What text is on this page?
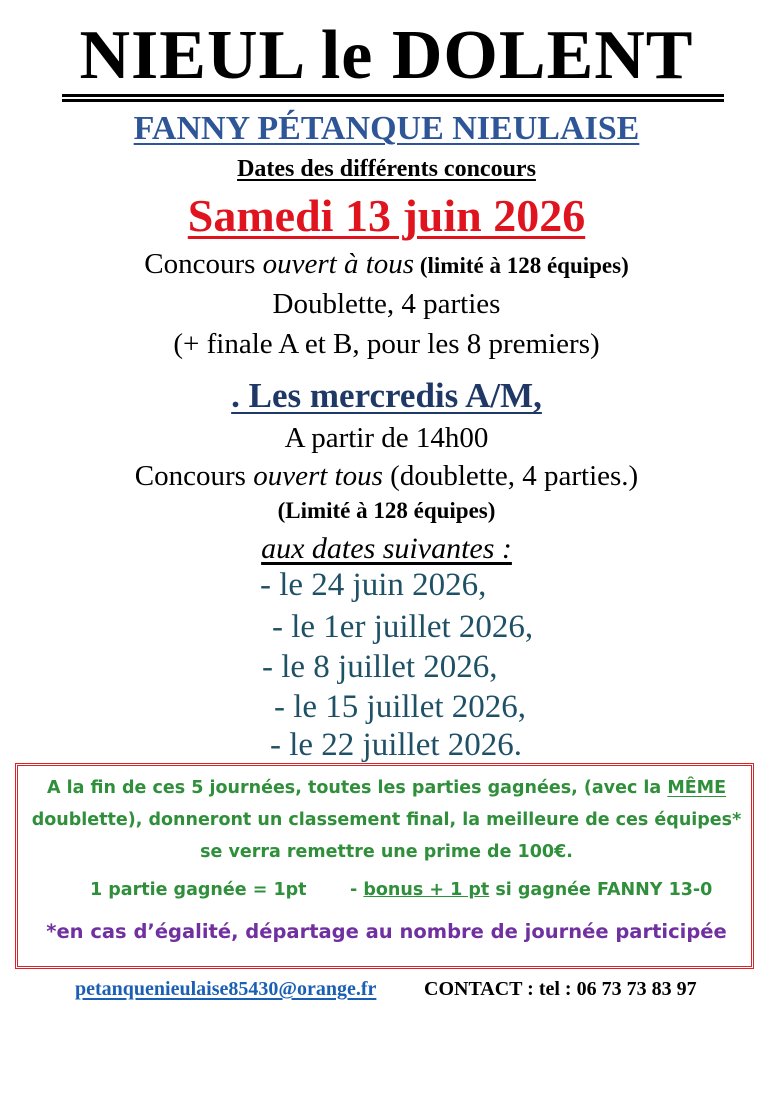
NIEUL le DOLENT
FANNY PÉTANQUE NIEULAISE
Dates des différents concours
Samedi 13 juin 2026
Concours ouvert à tous (limité à 128 équipes)
Doublette, 4 parties
(+ finale A et B, pour les 8 premiers)
. Les mercredis A/M,
A partir de 14h00
Concours ouvert tous (doublette, 4 parties.)
(Limité à 128 équipes)
aux dates suivantes :
- le 24 juin 2026,
- le 1er juillet 2026,
- le 8 juillet 2026,
- le 15 juillet 2026,
- le 22 juillet 2026.
A la fin de ces 5 journées, toutes les parties gagnées, (avec la MÊME
doublette), donneront un classement final, la meilleure de ces équipes*
se verra remettre une prime de 100€.
1 partie gagnée = 1pt - bonus + 1 pt si gagnée FANNY 13-0
*en cas d’égalité, départage au nombre de journée participée
petanquenieulaise85430@orange.fr CONTACT : tel : 06 73 73 83 97
